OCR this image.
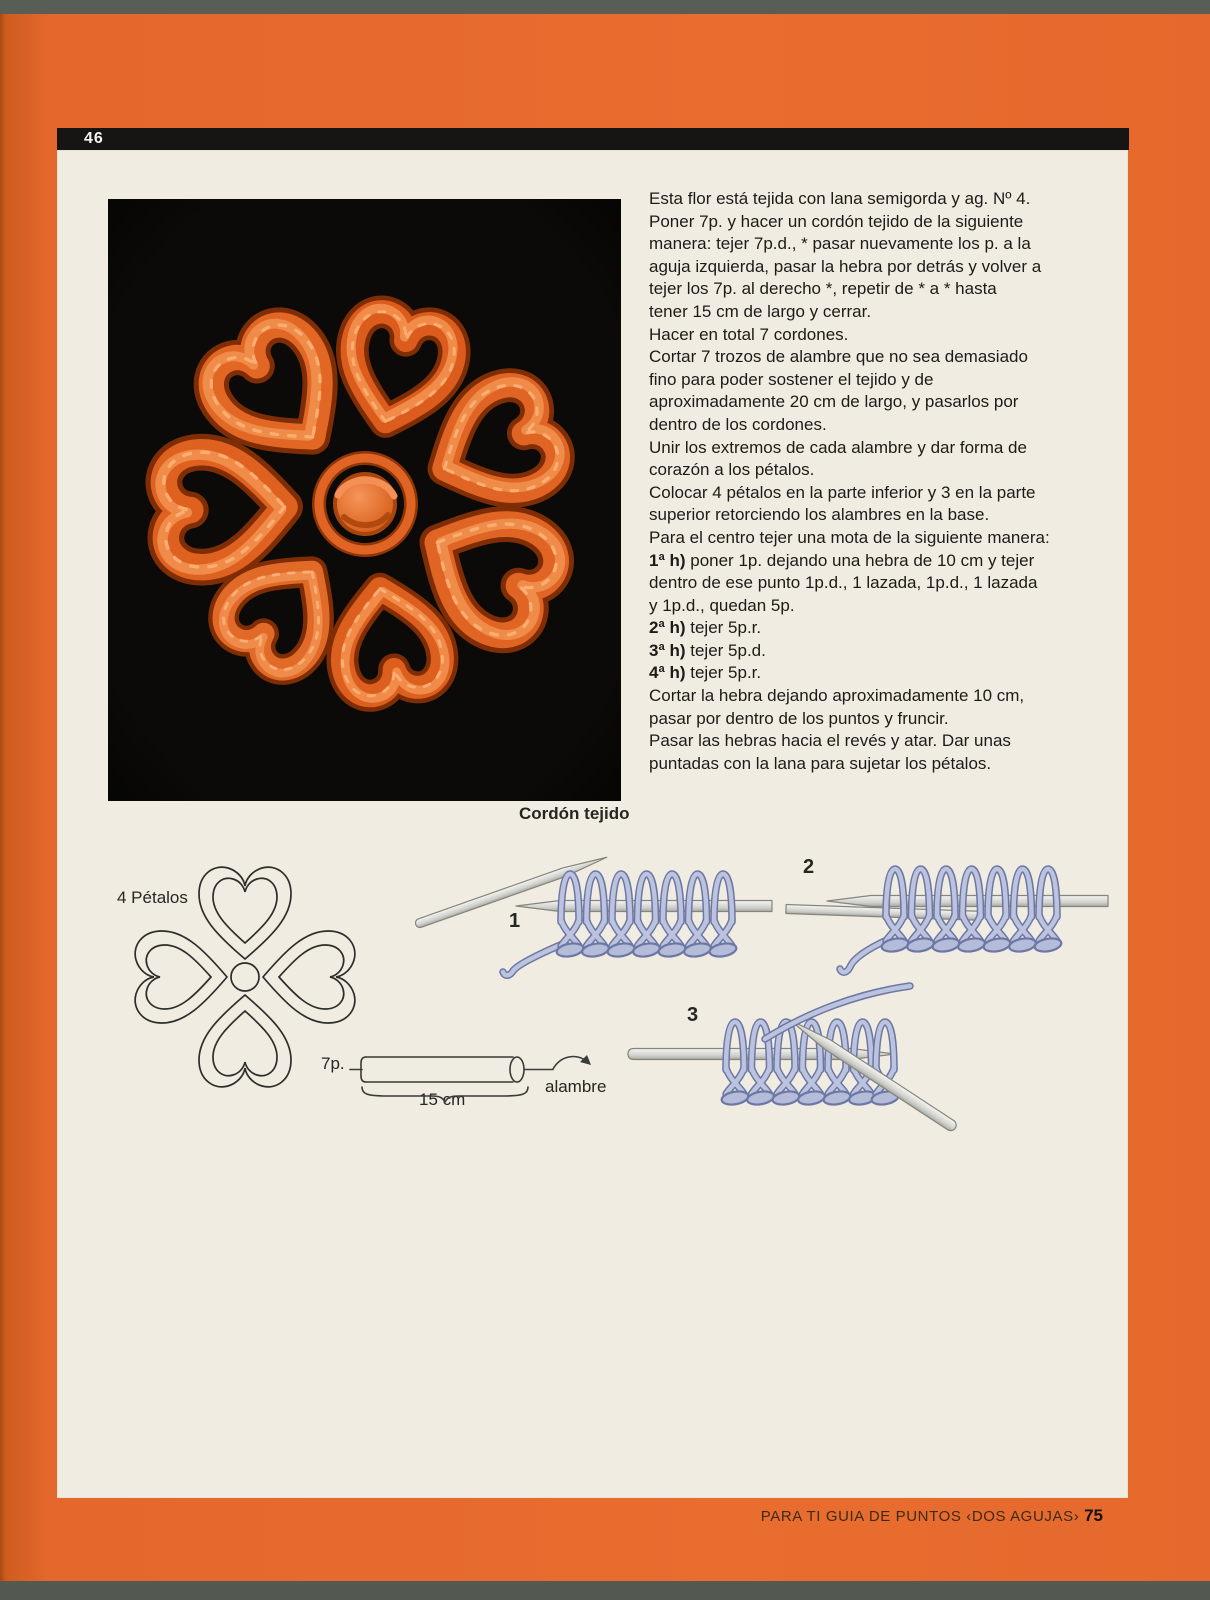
46
Esta flor está tejida con lana semigorda y ag. Nº 4.
Poner 7p. y hacer un cordón tejido de la siguiente
manera: tejer 7p.d., * pasar nuevamente los p. a la
aguja izquierda, pasar la hebra por detrás y volver a
tejer los 7p. al derecho *, repetir de * a * hasta
tener 15 cm de largo y cerrar.
Hacer en total 7 cordones.
Cortar 7 trozos de alambre que no sea demasiado
fino para poder sostener el tejido y de
aproximadamente 20 cm de largo, y pasarlos por
dentro de los cordones.
Unir los extremos de cada alambre y dar forma de
corazón a los pétalos.
Colocar 4 pétalos en la parte inferior y 3 en la parte
superior retorciendo los alambres en la base.
Para el centro tejer una mota de la siguiente manera:
1ª h) poner 1p. dejando una hebra de 10 cm y tejer
dentro de ese punto 1p.d., 1 lazada, 1p.d., 1 lazada
y 1p.d., quedan 5p.
2ª h) tejer 5p.r.
3ª h) tejer 5p.d.
4ª h) tejer 5p.r.
Cortar la hebra dejando aproximadamente 10 cm,
pasar por dentro de los puntos y fruncir.
Pasar las hebras hacia el revés y atar. Dar unas
puntadas con la lana para sujetar los pétalos.
Cordón tejido
4 Pétalos
1
2
3
7p.
15 cm
alambre
PARA TI GUIA DE PUNTOS ‹DOS AGUJAS› 75
